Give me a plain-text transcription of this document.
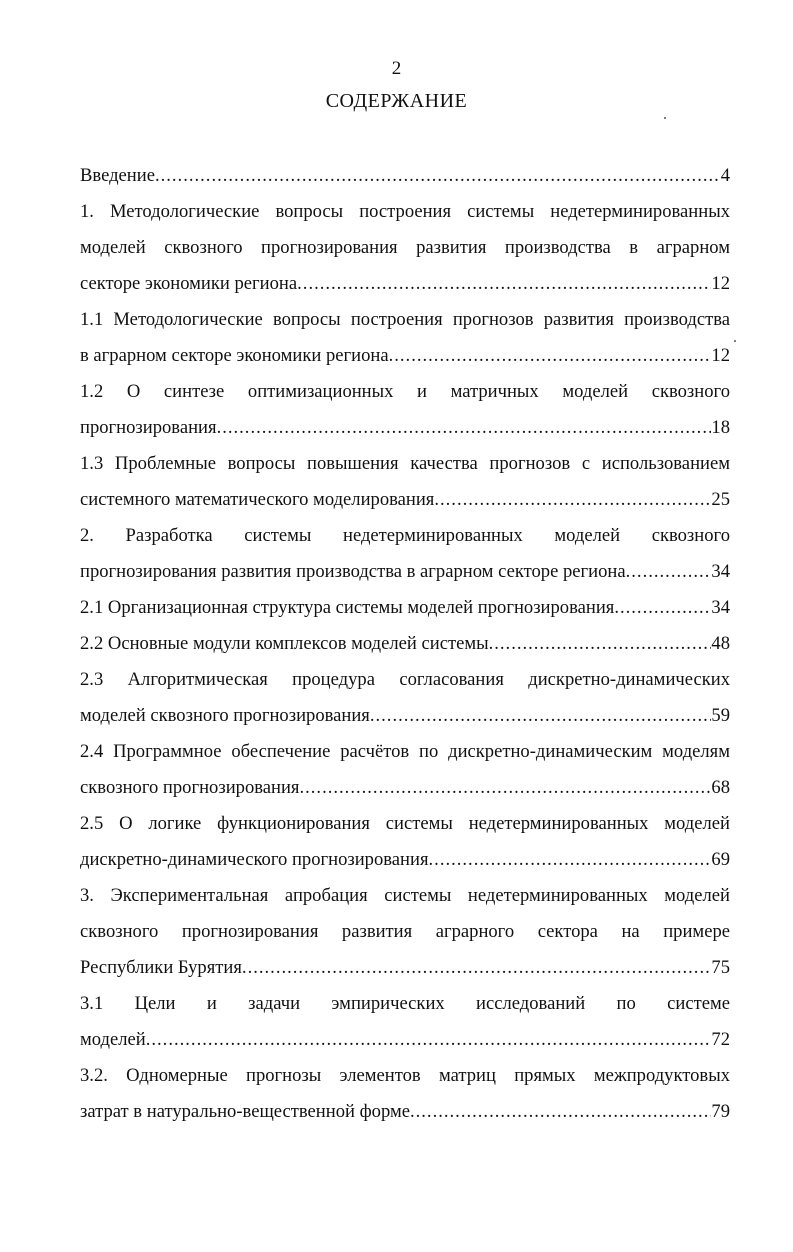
2
СОДЕРЖАНИЕ
Введение .....	4
1. Методологические вопросы построения системы недетерминированных
моделей сквозного прогнозирования развития производства в аграрном
секторе экономики региона .....	12
1.1 Методологические вопросы построения прогнозов развития производства
в аграрном секторе экономики региона .....	12
1.2 О синтезе оптимизационных и матричных моделей сквозного
прогнозирования .....	18
1.3 Проблемные вопросы повышения качества прогнозов с использованием
системного математического моделирования .....	25
2. Разработка системы недетерминированных моделей сквозного
прогнозирования развития производства в аграрном секторе региона .....	34
2.1 Организационная структура системы моделей прогнозирования .....	34
2.2 Основные модули комплексов моделей системы .....	48
2.3 Алгоритмическая процедура согласования дискретно-динамических
моделей сквозного прогнозирования .....	59
2.4 Программное обеспечение расчётов по дискретно-динамическим моделям
сквозного прогнозирования .....	68
2.5 О логике функционирования системы недетерминированных моделей
дискретно-динамического прогнозирования .....	69
3. Экспериментальная апробация системы недетерминированных моделей
сквозного прогнозирования развития аграрного сектора на примере
Республики Бурятия .....	75
3.1 Цели и задачи эмпирических исследований по системе
моделей .....	72
3.2. Одномерные прогнозы элементов матриц прямых межпродуктовых
затрат в натурально-вещественной форме .....	79
